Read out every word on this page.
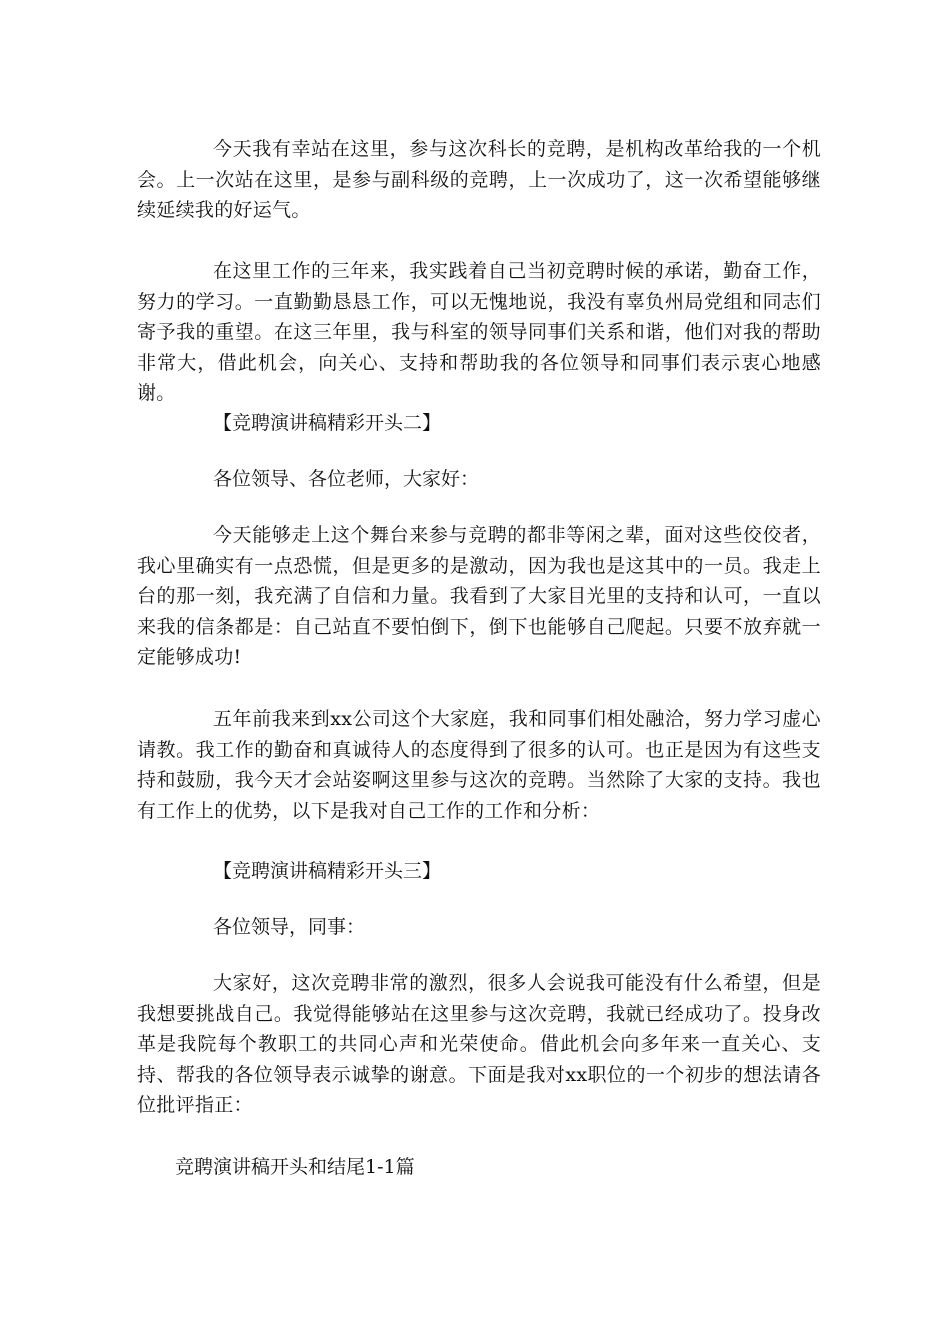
今天我有幸站在这里，参与这次科长的竞聘，是机构改革给我的一个机会。上一次站在这里，是参与副科级的竞聘，上一次成功了，这一次希望能够继续延续我的好运气。

在这里工作的三年来，我实践着自己当初竞聘时候的承诺，勤奋工作，努力的学习。一直勤勤恳恳工作，可以无愧地说，我没有辜负州局党组和同志们寄予我的重望。在这三年里，我与科室的领导同事们关系和谐，他们对我的帮助非常大，借此机会，向关心、支持和帮助我的各位领导和同事们表示衷心地感谢。

【竞聘演讲稿精彩开头二】

各位领导、各位老师，大家好：

今天能够走上这个舞台来参与竞聘的都非等闲之辈，面对这些佼佼者，我心里确实有一点恐慌，但是更多的是激动，因为我也是这其中的一员。我走上台的那一刻，我充满了自信和力量。我看到了大家目光里的支持和认可，一直以来我的信条都是：自己站直不要怕倒下，倒下也能够自己爬起。只要不放弃就一定能够成功!

五年前我来到xx公司这个大家庭，我和同事们相处融洽，努力学习虚心请教。我工作的勤奋和真诚待人的态度得到了很多的认可。也正是因为有这些支持和鼓励，我今天才会站姿啊这里参与这次的竞聘。当然除了大家的支持。我也有工作上的优势，以下是我对自己工作的工作和分析：

【竞聘演讲稿精彩开头三】

各位领导，同事：

大家好，这次竞聘非常的激烈，很多人会说我可能没有什么希望，但是我想要挑战自己。我觉得能够站在这里参与这次竞聘，我就已经成功了。投身改革是我院每个教职工的共同心声和光荣使命。借此机会向多年来一直关心、支持、帮我的各位领导表示诚挚的谢意。下面是我对xx职位的一个初步的想法请各位批评指正：

竞聘演讲稿开头和结尾1-1篇
